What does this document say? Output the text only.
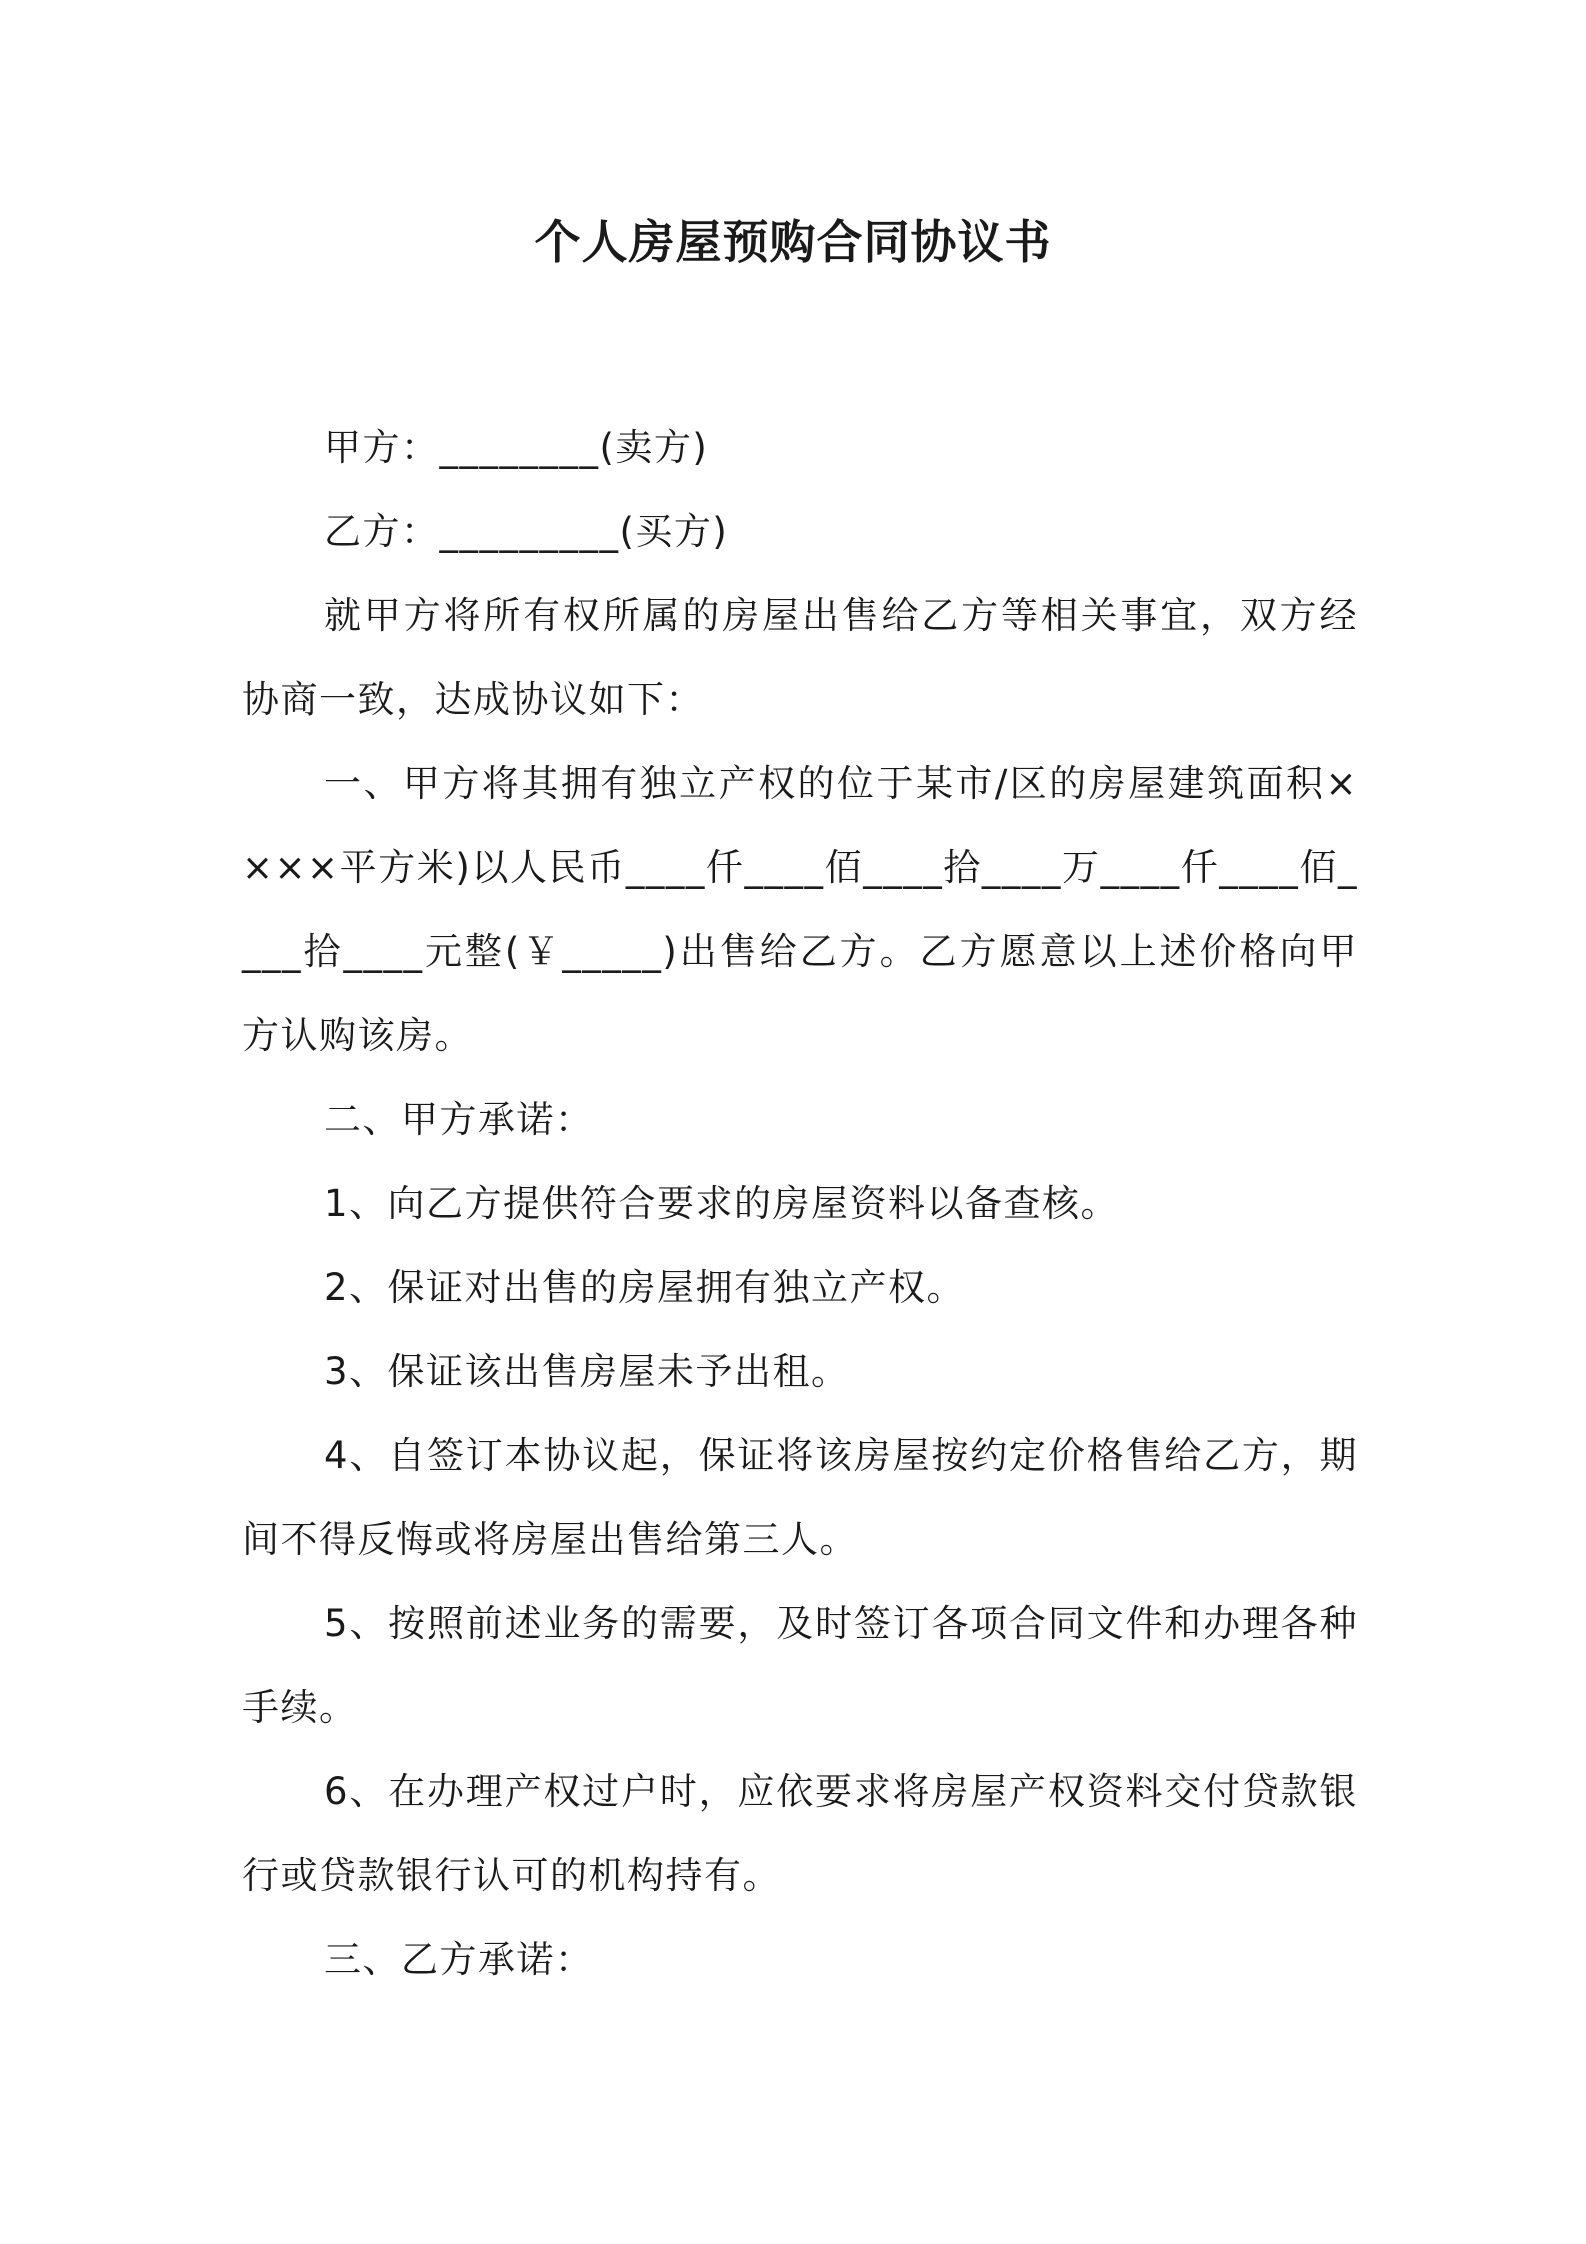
个人房屋预购合同协议书

甲方：________(卖方)

乙方：_________(买方)

就甲方将所有权所属的房屋出售给乙方等相关事宜，双方经协商一致，达成协议如下：

一、甲方将其拥有独立产权的位于某市/区的房屋建筑面积××××平方米)以人民币____仟____佰____拾____万____仟____佰____拾____元整(￥_____)出售给乙方。乙方愿意以上述价格向甲方认购该房。

二、甲方承诺：

1、向乙方提供符合要求的房屋资料以备查核。

2、保证对出售的房屋拥有独立产权。

3、保证该出售房屋未予出租。

4、自签订本协议起，保证将该房屋按约定价格售给乙方，期间不得反悔或将房屋出售给第三人。

5、按照前述业务的需要，及时签订各项合同文件和办理各种手续。

6、在办理产权过户时，应依要求将房屋产权资料交付贷款银行或贷款银行认可的机构持有。

三、乙方承诺：
